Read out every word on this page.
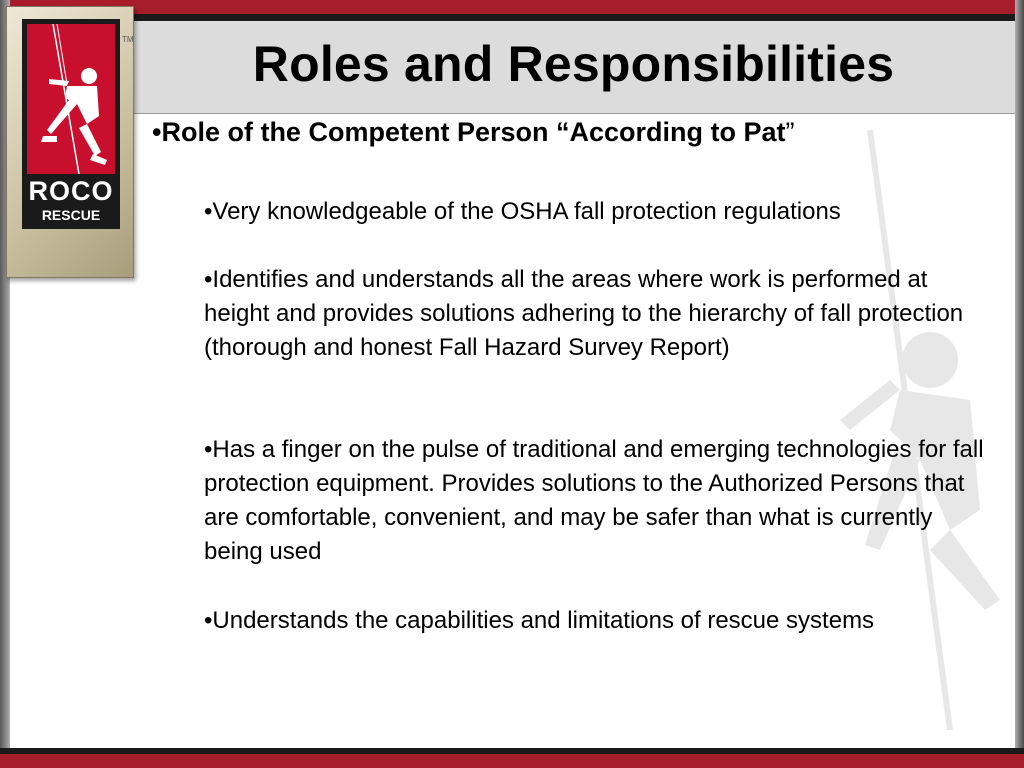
Roles and Responsibilities
ROCO
RESCUE
TM
•Role of the Competent Person “According to Pat”
•Very knowledgeable of the OSHA fall protection regulations
•Identifies and understands all the areas where work is performed at height and provides solutions adhering to the hierarchy of fall protection (thorough and honest Fall Hazard Survey Report)
•Has a finger on the pulse of traditional and emerging technologies for fall protection equipment. Provides solutions to the Authorized Persons that are comfortable, convenient, and may be safer than what is currently being used
•Understands the capabilities and limitations of rescue systems
